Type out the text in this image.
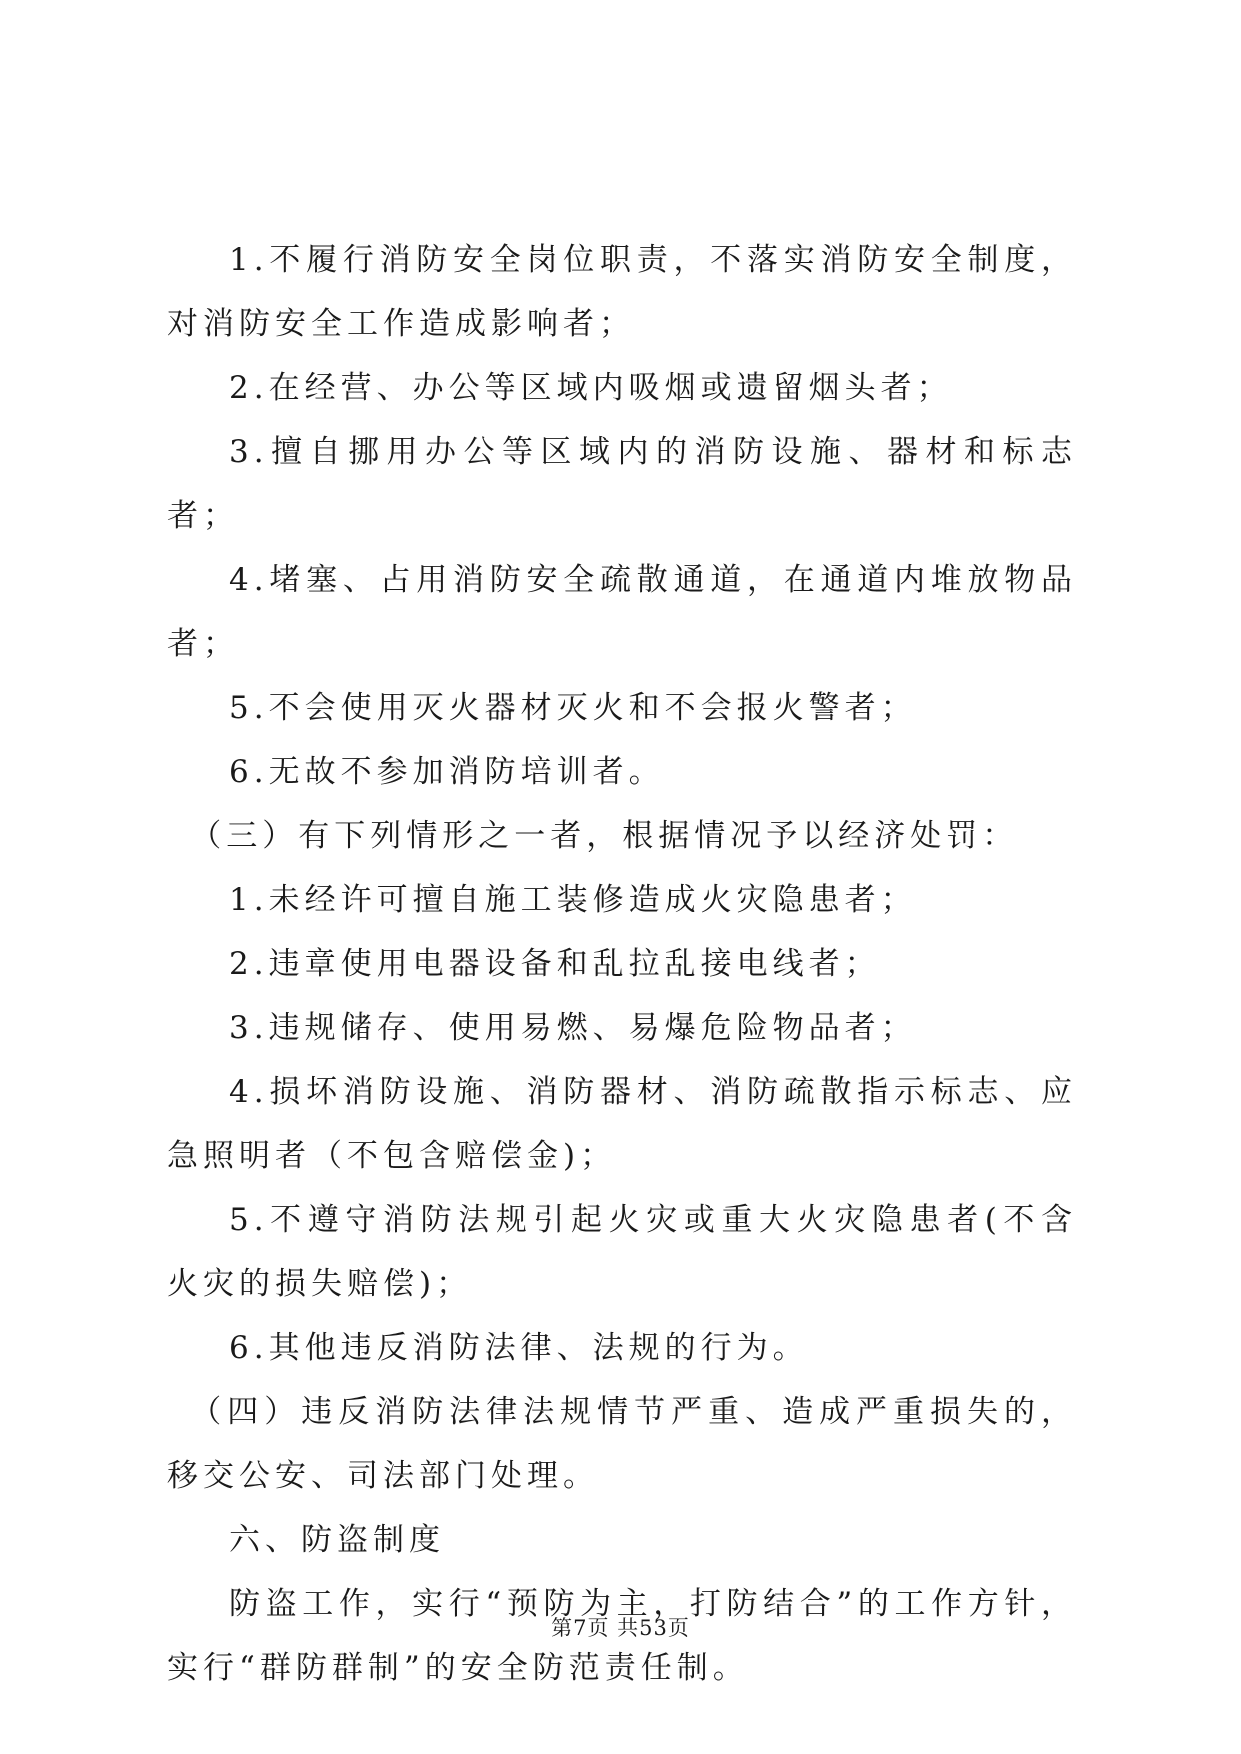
1.不履行消防安全岗位职责，不落实消防安全制度，对消防安全工作造成影响者；

2.在经营、办公等区域内吸烟或遗留烟头者；

3.擅自挪用办公等区域内的消防设施、器材和标志者；

4.堵塞、占用消防安全疏散通道，在通道内堆放物品者；

5.不会使用灭火器材灭火和不会报火警者；

6.无故不参加消防培训者。

（三）有下列情形之一者，根据情况予以经济处罚：

1.未经许可擅自施工装修造成火灾隐患者；

2.违章使用电器设备和乱拉乱接电线者；

3.违规储存、使用易燃、易爆危险物品者；

4.损坏消防设施、消防器材、消防疏散指示标志、应急照明者（不包含赔偿金)；

5.不遵守消防法规引起火灾或重大火灾隐患者(不含火灾的损失赔偿)；

6.其他违反消防法律、法规的行为。

（四）违反消防法律法规情节严重、造成严重损失的，移交公安、司法部门处理。

六、防盗制度

防盗工作，实行“预防为主，打防结合”的工作方针，实行“群防群制”的安全防范责任制。

第7页 共53页
